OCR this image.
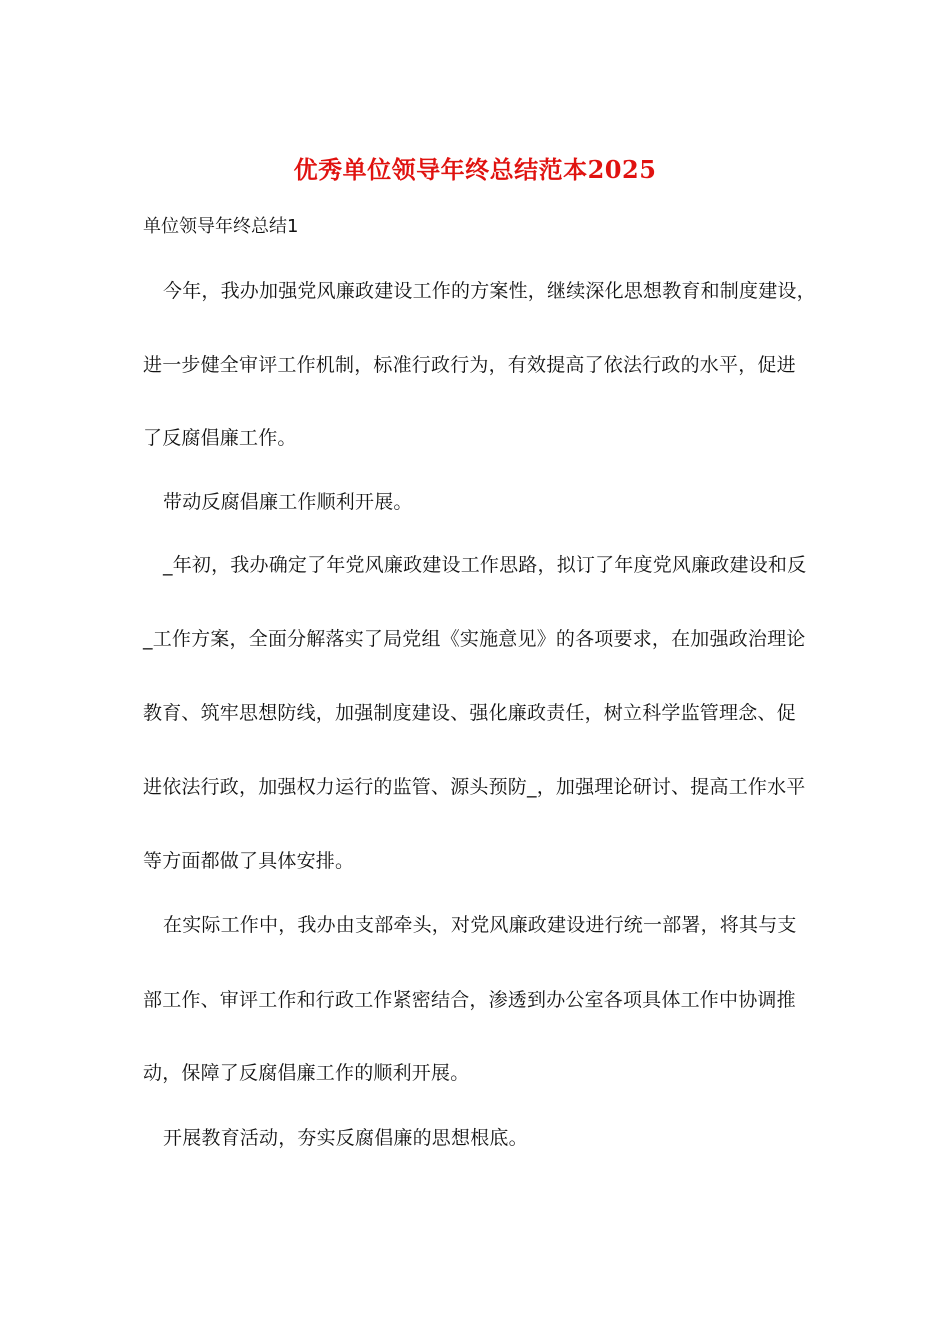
优秀单位领导年终总结范本2025
单位领导年终总结1
今年，我办加强党风廉政建设工作的方案性，继续深化思想教育和制度建设，
进一步健全审评工作机制，标准行政行为，有效提高了依法行政的水平，促进
了反腐倡廉工作。
带动反腐倡廉工作顺利开展。
_年初，我办确定了年党风廉政建设工作思路，拟订了年度党风廉政建设和反
_工作方案，全面分解落实了局党组《实施意见》的各项要求，在加强政治理论
教育、筑牢思想防线，加强制度建设、强化廉政责任，树立科学监管理念、促
进依法行政，加强权力运行的监管、源头预防_，加强理论研讨、提高工作水平
等方面都做了具体安排。
在实际工作中，我办由支部牵头，对党风廉政建设进行统一部署，将其与支
部工作、审评工作和行政工作紧密结合，渗透到办公室各项具体工作中协调推
动，保障了反腐倡廉工作的顺利开展。
开展教育活动，夯实反腐倡廉的思想根底。
